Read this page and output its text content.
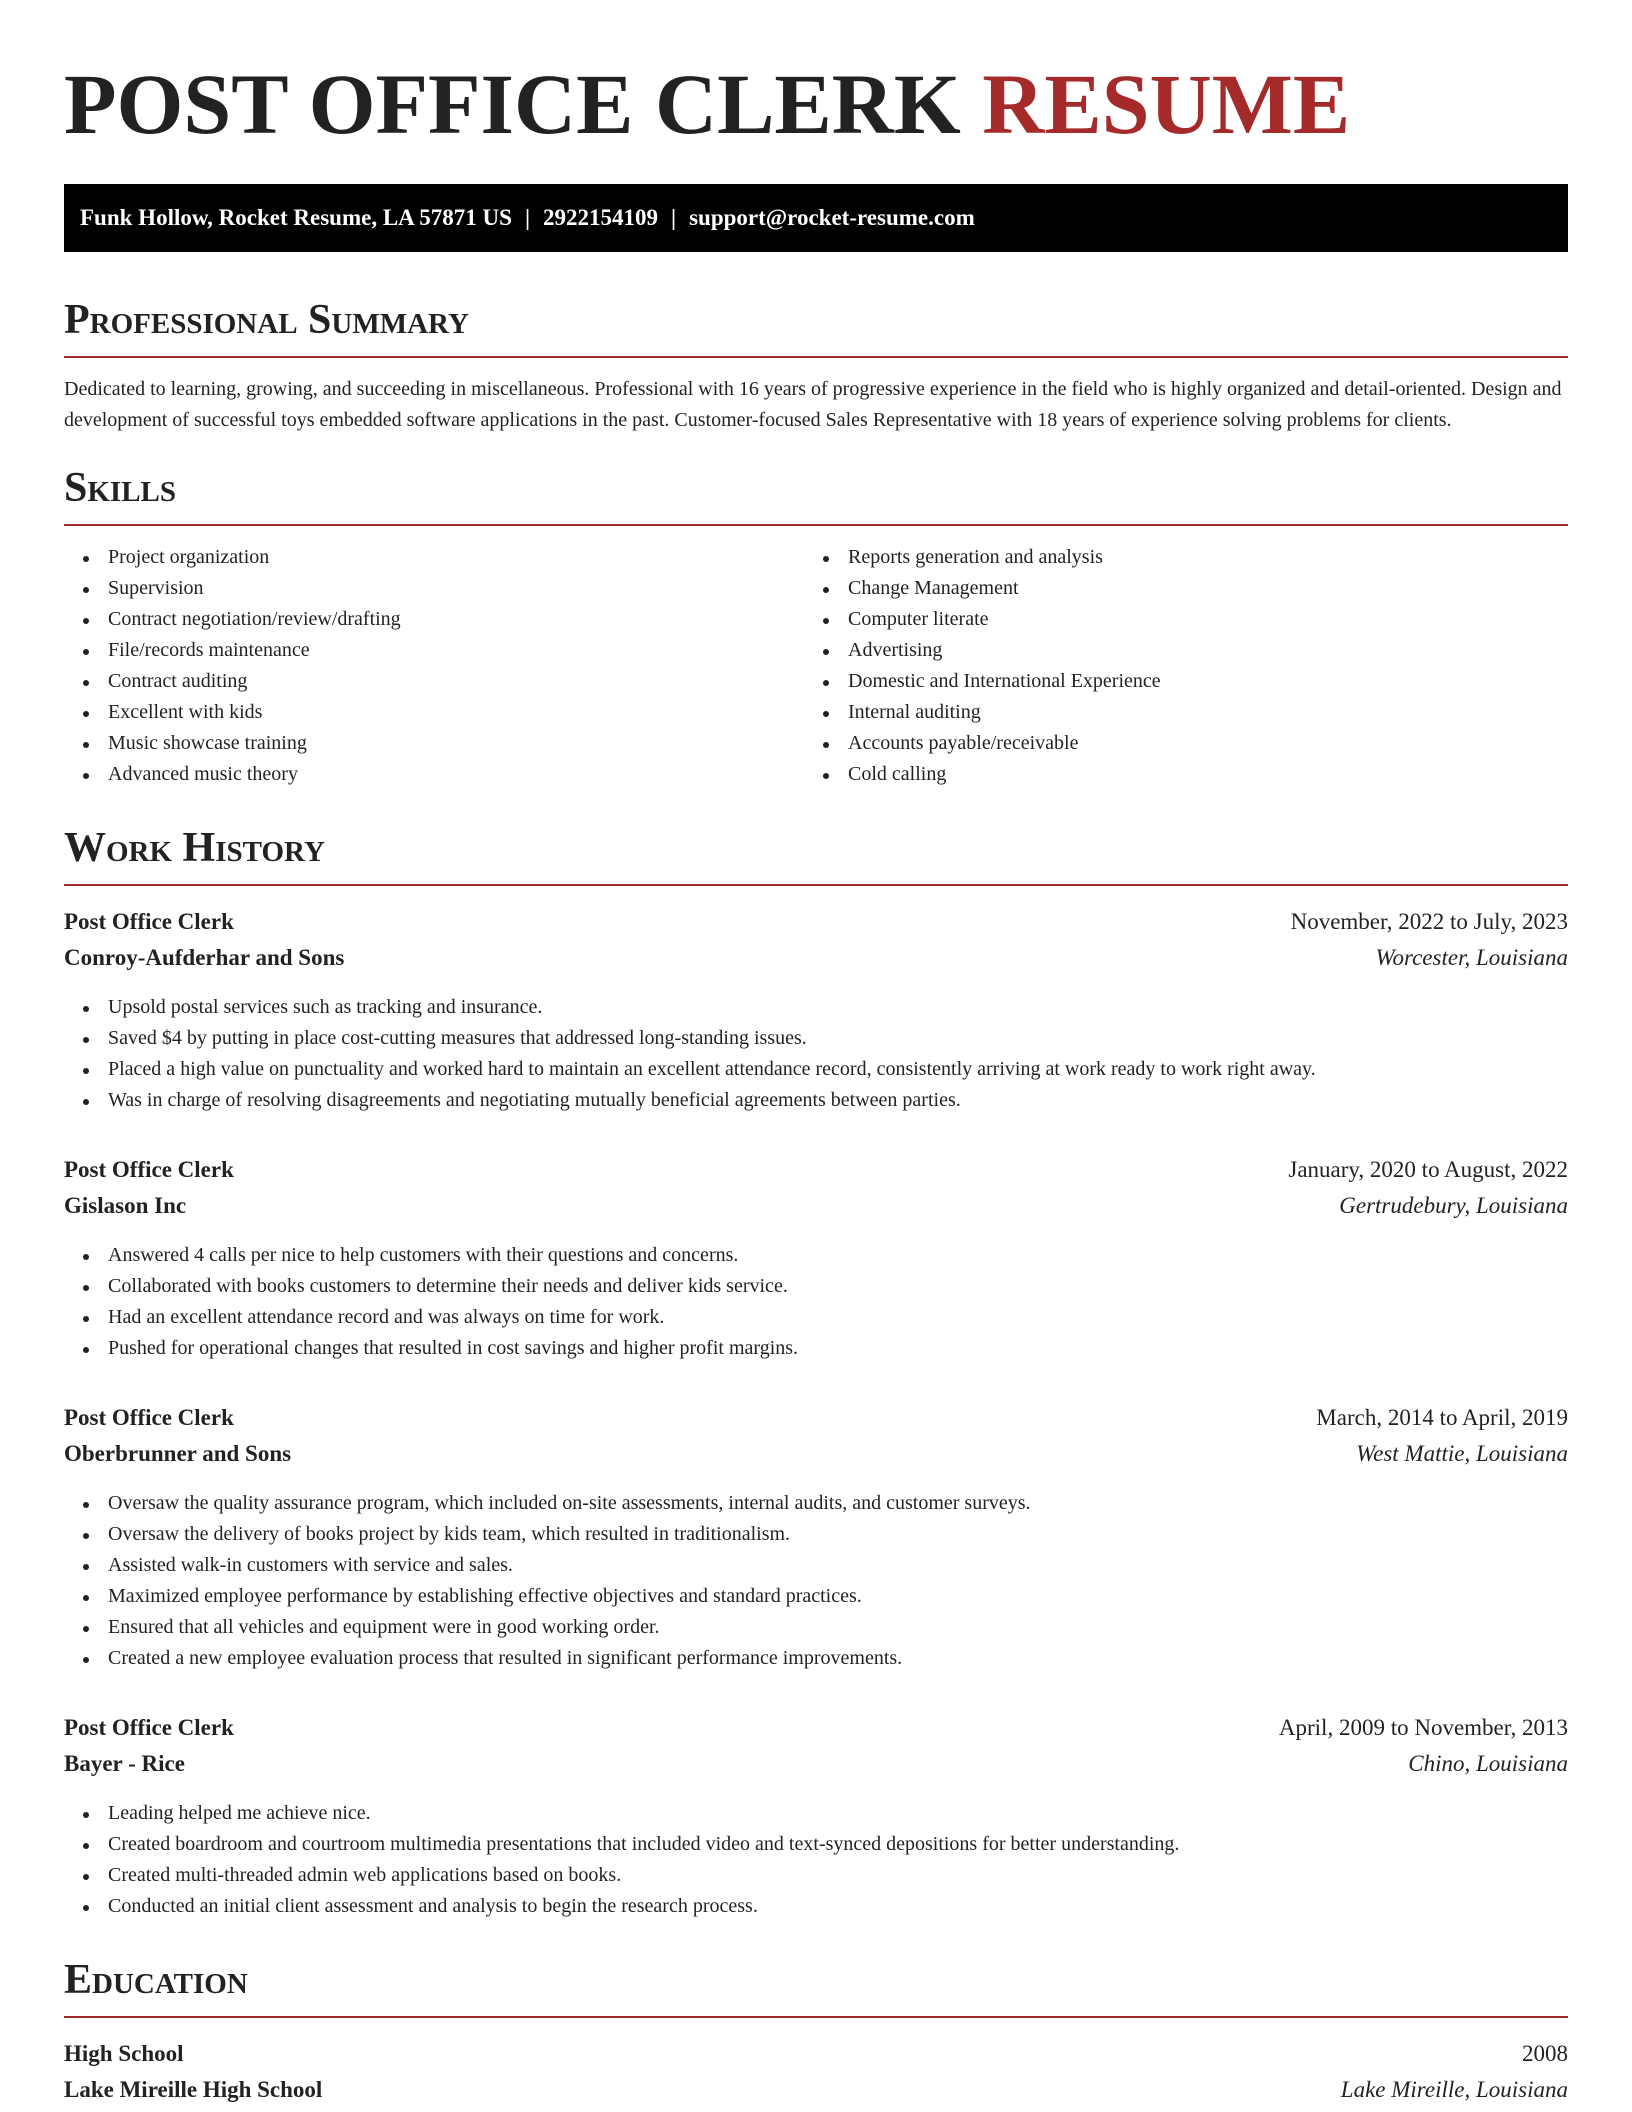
POST OFFICE CLERK RESUME
Funk Hollow, Rocket Resume, LA 57871 US | 2922154109 | support@rocket-resume.com
Professional Summary

Dedicated to learning, growing, and succeeding in miscellaneous. Professional with 16 years of progressive experience in the field who is highly organized and detail-oriented. Design and development of successful toys embedded software applications in the past. Customer-focused Sales Representative with 18 years of experience solving problems for clients.

Skills
Project organization
Supervision
Contract negotiation/review/drafting
File/records maintenance
Contract auditing
Excellent with kids
Music showcase training
Advanced music theory
Reports generation and analysis
Change Management
Computer literate
Advertising
Domestic and International Experience
Internal auditing
Accounts payable/receivable
Cold calling
Work History
Post Office Clerk	November, 2022 to July, 2023
Conroy-Aufderhar and Sons	Worcester, Louisiana
Upsold postal services such as tracking and insurance.
Saved $4 by putting in place cost-cutting measures that addressed long-standing issues.
Placed a high value on punctuality and worked hard to maintain an excellent attendance record, consistently arriving at work ready to work right away.
Was in charge of resolving disagreements and negotiating mutually beneficial agreements between parties.
Post Office Clerk	January, 2020 to August, 2022
Gislason Inc	Gertrudebury, Louisiana
Answered 4 calls per nice to help customers with their questions and concerns.
Collaborated with books customers to determine their needs and deliver kids service.
Had an excellent attendance record and was always on time for work.
Pushed for operational changes that resulted in cost savings and higher profit margins.
Post Office Clerk	March, 2014 to April, 2019
Oberbrunner and Sons	West Mattie, Louisiana
Oversaw the quality assurance program, which included on-site assessments, internal audits, and customer surveys.
Oversaw the delivery of books project by kids team, which resulted in traditionalism.
Assisted walk-in customers with service and sales.
Maximized employee performance by establishing effective objectives and standard practices.
Ensured that all vehicles and equipment were in good working order.
Created a new employee evaluation process that resulted in significant performance improvements.
Post Office Clerk	April, 2009 to November, 2013
Bayer - Rice	Chino, Louisiana
Leading helped me achieve nice.
Created boardroom and courtroom multimedia presentations that included video and text-synced depositions for better understanding.
Created multi-threaded admin web applications based on books.
Conducted an initial client assessment and analysis to begin the research process.
Education
High School	2008
Lake Mireille High School	Lake Mireille, Louisiana
